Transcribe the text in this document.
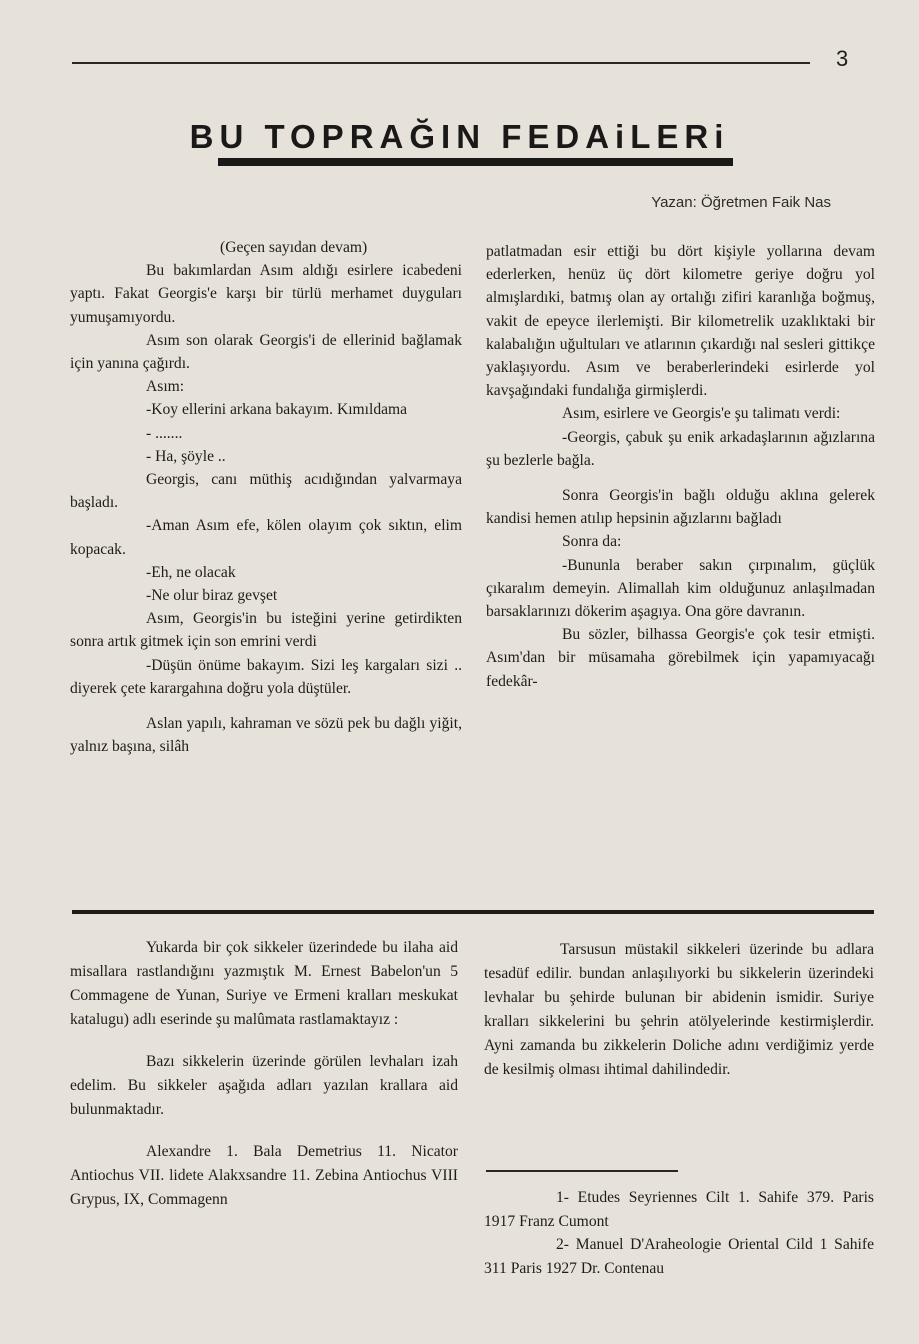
3
BU TOPRAĞIN FEDAiLERi
Yazan: Öğretmen Faik Nas

(Geçen sayıdan devam)

Bu bakımlardan Asım aldığı esirlere icabedeni yaptı. Fakat Georgis'e karşı bir türlü merhamet duyguları yumuşamıyordu.

Asım son olarak Georgis'i de ellerinid bağlamak için yanına çağırdı.

Asım:

-Koy ellerini arkana bakayım. Kımıldama

- .......

- Ha, şöyle ..

Georgis, canı müthiş acıdığından yalvarmaya başladı.

-Aman Asım efe, kölen olayım çok sıktın, elim kopacak.

-Eh, ne olacak

-Ne olur biraz gevşet

Asım, Georgis'in bu isteğini yerine getirdikten sonra artık gitmek için son emrini verdi

-Düşün önüme bakayım. Sizi leş kargaları sizi .. diyerek çete karargahına doğru yola düştüler.

Aslan yapılı, kahraman ve sözü pek bu dağlı yiğit, yalnız başına, silâh

patlatmadan esir ettiği bu dört kişiyle yollarına devam ederlerken, henüz üç dört kilometre geriye doğru yol almışlardıki, batmış olan ay ortalığı zifiri karanlığa boğmuş, vakit de epeyce ilerlemişti. Bir kilometrelik uzaklıktaki bir kalabalığın uğultuları ve atlarının çıkardığı nal sesleri gittikçe yaklaşıyordu. Asım ve beraberlerindeki esirlerde yol kavşağındaki fundalığa girmişlerdi.

Asım, esirlere ve Georgis'e şu talimatı verdi:

-Georgis, çabuk şu enik arkadaşlarının ağızlarına şu bezlerle bağla.

Sonra Georgis'in bağlı olduğu aklına gelerek kandisi hemen atılıp hepsinin ağızlarını bağladı

Sonra da:

-Bununla beraber sakın çırpınalım, güçlük çıkaralım demeyin. Alimallah kim olduğunuz anlaşılmadan barsaklarınızı dökerim aşagıya. Ona göre davranın.

Bu sözler, bilhassa Georgis'e çok tesir etmişti. Asım'dan bir müsamaha görebilmek için yapamıyacağı fedekâr-

Yukarda bir çok sikkeler üzerindede bu ilaha aid misallara rastlandığını yazmıştık M. Ernest Babelon'un 5 Commagene de Yunan, Suriye ve Ermeni kralları meskukat katalugu) adlı eserinde şu malûmata rastlamaktayız :

Bazı sikkelerin üzerinde görülen levhaları izah edelim. Bu sikkeler aşağıda adları yazılan krallara aid bulunmaktadır.

Alexandre 1. Bala Demetrius 11. Nicator Antiochus VII. lidete Alakxsandre 11. Zebina Antiochus VIII Grypus, IX, Commagenn

Tarsusun müstakil sikkeleri üzerinde bu adlara tesadüf edilir. bundan anlaşılıyorki bu sikkelerin üzerindeki levhalar bu şehirde bulunan bir abidenin ismidir. Suriye kralları sikkelerini bu şehrin atölyelerinde kestirmişlerdir. Ayni zamanda bu zikkelerin Doliche adını verdiğimiz yerde de kesilmiş olması ihtimal dahilindedir.

1- Etudes Seyriennes Cilt 1. Sahife 379. Paris 1917 Franz Cumont

2- Manuel D'Araheologie Oriental Cild 1 Sahife 311 Paris 1927 Dr. Contenau
